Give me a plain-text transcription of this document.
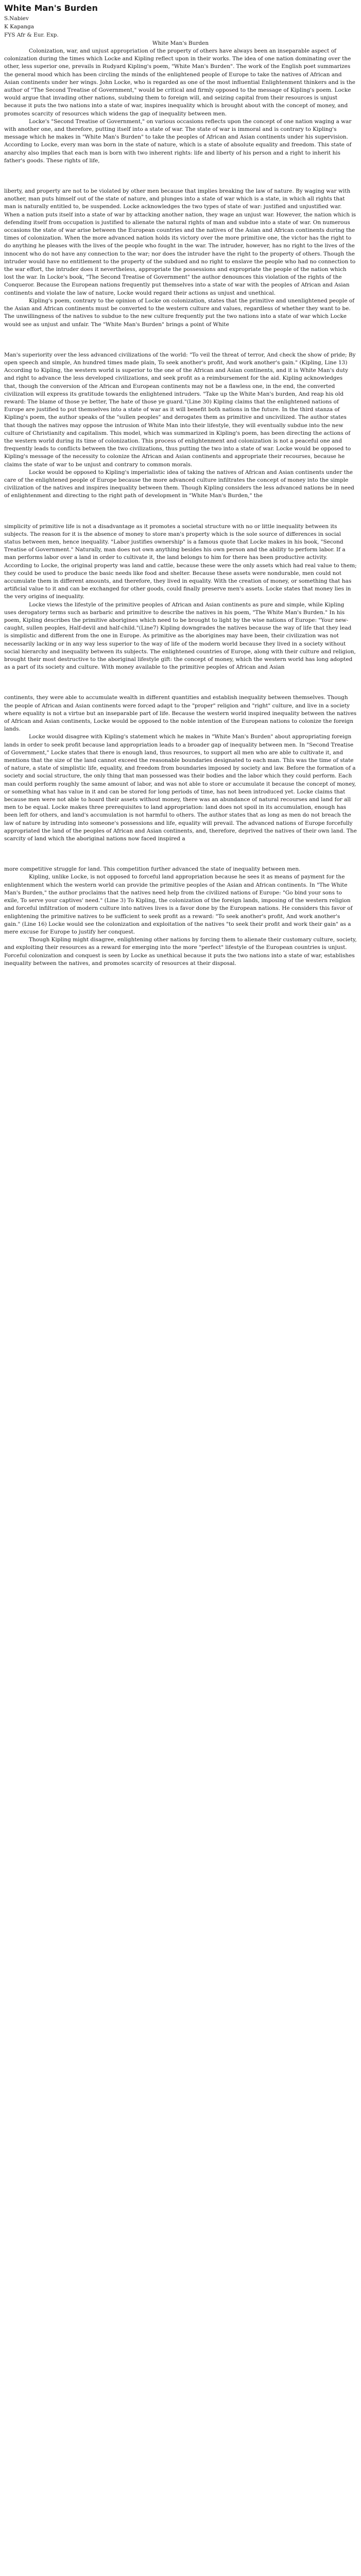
White Man's Burden

S.Nabiev

K Kapanga

FYS Afr & Eur. Exp.

White Man's Burden

Colonization, war, and unjust appropriation of the property of others have always been an inseparable aspect of colonization during the times which Locke and Kipling reflect upon in their works. The idea of one nation dominating over the other, less superior one, prevails in Rudyard Kipling's poem, "White Man's Burden". The work of the English poet summarizes the general mood which has been circling the minds of the enlightened people of Europe to take the natives of African and Asian continents under her wings. John Locke, who is regarded as one of the most influential Enlightenment thinkers and is the author of "The Second Treatise of Government," would be critical and firmly opposed to the message of Kipling's poem. Locke would argue that invading other nations, subduing them to foreign will, and seizing capital from their resources is unjust because it puts the two nations into a state of war, inspires inequality which is brought about with the concept of money, and promotes scarcity of resources which widens the gap of inequality between men.

Locke's "Second Treatise of Government," on various occasions reflects upon the concept of one nation waging a war with another one, and therefore, putting itself into a state of war. The state of war is immoral and is contrary to Kipling's message which he makes in "White Man's Burden" to take the peoples of African and Asian continents under his supervision. According to Locke, every man was born in the state of nature, which is a state of absolute equality and freedom. This state of anarchy also implies that each man is born with two inherent rights: life and liberty of his person and a right to inherit his father's goods. These rights of life,

liberty, and property are not to be violated by other men because that implies breaking the law of nature. By waging war with another, man puts himself out of the state of nature, and plunges into a state of war which is a state, in which all rights that man is naturally entitled to, be suspended. Locke acknowledges the two types of state of war: justified and unjustified war. When a nation puts itself into a state of war by attacking another nation, they wage an unjust war. However, the nation which is defending itself from occupation is justified to alienate the natural rights of man and subdue into a state of war. On numerous occasions the state of war arise between the European countries and the natives of the Asian and African continents during the times of colonization. When the more advanced nation holds its victory over the more primitive one, the victor has the right to do anything he pleases with the lives of the people who fought in the war. The intruder, however, has no right to the lives of the innocent who do not have any connection to the war; nor does the intruder have the right to the property of others. Though the intruder would have no entitlement to the property of the subdued and no right to enslave the people who had no connection to the war effort, the intruder does it nevertheless, appropriate the possessions and expropriate the people of the nation which lost the war. In Locke's book, "The Second Treatise of Government" the author denounces this violation of the rights of the Conqueror. Because the European nations frequently put themselves into a state of war with the peoples of African and Asian continents and violate the law of nature, Locke would regard their actions as unjust and unethical.

Kipling's poem, contrary to the opinion of Locke on colonization, states that the primitive and unenlightened people of the Asian and African continents must be converted to the western culture and values, regardless of whether they want to be. The unwillingness of the natives to subdue to the new culture frequently put the two nations into a state of war which Locke would see as unjust and unfair. The "White Man's Burden" brings a point of White

Man's superiority over the less advanced civilizations of the world: "To veil the threat of terror, And check the show of pride; By open speech and simple, An hundred times made plain, To seek another's profit, And work another's gain." (Kipling, Line 13) According to Kipling, the western world is superior to the one of the African and Asian continents, and it is White Man's duty and right to advance the less developed civilizations, and seek profit as a reimbursement for the aid. Kipling acknowledges that, though the conversion of the African and European continents may not be a flawless one, in the end, the converted civilization will express its gratitude towards the enlightened intruders. "Take up the White Man's burden, And reap his old reward: The blame of those ye better, The hate of those ye guard."(Line 30) Kipling claims that the enlightened nations of Europe are justified to put themselves into a state of war as it will benefit both nations in the future. In the third stanza of Kipling's poem, the author speaks of the "sullen peoples" and derogates them as primitive and uncivilized. The author states that though the natives may oppose the intrusion of White Man into their lifestyle, they will eventually subdue into the new culture of Christianity and capitalism. This model, which was summarized in Kipling's poem, has been directing the actions of the western world during its time of colonization. This process of enlightenment and colonization is not a peaceful one and frequently leads to conflicts between the two civilizations, thus putting the two into a state of war. Locke would be opposed to Kipling's message of the necessity to colonize the African and Asian continents and appropriate their recourses, because he claims the state of war to be unjust and contrary to common morals.

Locke would be opposed to Kipling's imperialistic idea of taking the natives of African and Asian continents under the care of the enlightened people of Europe because the more advanced culture infiltrates the concept of money into the simple civilization of the natives and inspires inequality between them. Though Kipling considers the less advanced nations be in need of enlightenment and directing to the right path of development in "White Man's Burden," the

simplicity of primitive life is not a disadvantage as it promotes a societal structure with no or little inequality between its subjects. The reason for it is the absence of money to store man's property which is the sole source of differences in social status between men, hence inequality. "Labor justifies ownership" is a famous quote that Locke makes in his book, "Second Treatise of Government." Naturally, man does not own anything besides his own person and the ability to perform labor. If a man performs labor over a land in order to cultivate it, the land belongs to him for there has been productive activity. According to Locke, the original property was land and cattle, because these were the only assets which had real value to them; they could be used to produce the basic needs like food and shelter. Because these assets were nondurable, men could not accumulate them in different amounts, and therefore, they lived in equality. With the creation of money, or something that has artificial value to it and can be exchanged for other goods, could finally preserve men's assets. Locke states that money lies in the very origins of inequality.

Locke views the lifestyle of the primitive peoples of African and Asian continents as pure and simple, while Kipling uses derogatory terms such as barbaric and primitive to describe the natives in his poem, "The White Man's Burden." In his poem, Kipling describes the primitive aborigines which need to be brought to light by the wise nations of Europe: "Your new-caught, sullen peoples, Half-devil and half-child."(Line7) Kipling downgrades the natives because the way of life that they lead is simplistic and different from the one in Europe. As primitive as the aborigines may have been, their civilization was not necessarily lacking or in any way less superior to the way of life of the modern world because they lived in a society without social hierarchy and inequality between its subjects. The enlightened countries of Europe, along with their culture and religion, brought their most destructive to the aboriginal lifestyle gift: the concept of money, which the western world has long adopted as a part of its society and culture. With money available to the primitive peoples of African and Asian

continents, they were able to accumulate wealth in different quantities and establish inequality between themselves. Though the people of African and Asian continents were forced adapt to the "proper" religion and "right" culture, and live in a society where equality is not a virtue but an inseparable part of life. Because the western world inspired inequality between the natives of African and Asian continents, Locke would be opposed to the noble intention of the European nations to colonize the foreign lands.

Locke would disagree with Kipling's statement which he makes in "White Man's Burden" about appropriating foreign lands in order to seek profit because land appropriation leads to a broader gap of inequality between men. In "Second Treatise of Government," Locke states that there is enough land, thus resources, to support all men who are able to cultivate it, and mentions that the size of the land cannot exceed the reasonable boundaries designated to each man. This was the time of state of nature, a state of simplistic life, equality, and freedom from boundaries imposed by society and law. Before the formation of a society and social structure, the only thing that man possessed was their bodies and the labor which they could perform. Each man could perform roughly the same amount of labor, and was not able to store or accumulate it because the concept of money, or something what has value in it and can be stored for long periods of time, has not been introduced yet. Locke claims that because men were not able to hoard their assets without money, there was an abundance of natural recourses and land for all men to be equal. Locke makes three prerequisites to land appropriation: land does not spoil in its accumulation, enough has been left for others, and land's accumulation is not harmful to others. The author states that as long as men do not breach the law of nature by intruding into someone's possessions and life, equality will prevail. The advanced nations of Europe forcefully appropriated the land of the peoples of African and Asian continents, and, therefore, deprived the natives of their own land. The scarcity of land which the aboriginal nations now faced inspired a

more competitive struggle for land. This competition further advanced the state of inequality between men.

Kipling, unlike Locke, is not opposed to forceful land appropriation because he sees it as means of payment for the enlightenment which the western world can provide the primitive peoples of the Asian and African continents. In "The White Man's Burden," the author proclaims that the natives need help from the civilized nations of Europe: "Go bind your sons to exile, To serve your captives' need." (Line 3) To Kipling, the colonization of the foreign lands, imposing of the western religion and forceful infiltration of modern culture into natives lives is a favor done by the European nations. He considers this favor of enlightening the primitive natives to be sufficient to seek profit as a reward: "To seek another's profit, And work another's gain." (Line 16) Locke would see the colonization and exploitation of the natives "to seek their profit and work their gain" as a mere excuse for Europe to justify her conquest.

Though Kipling might disagree, enlightening other nations by forcing them to alienate their customary culture, society, and exploiting their resources as a reward for emerging into the more "perfect" lifestyle of the European countries is unjust. Forceful colonization and conquest is seen by Locke as unethical because it puts the two nations into a state of war, establishes inequality between the natives, and promotes scarcity of resources at their disposal.
